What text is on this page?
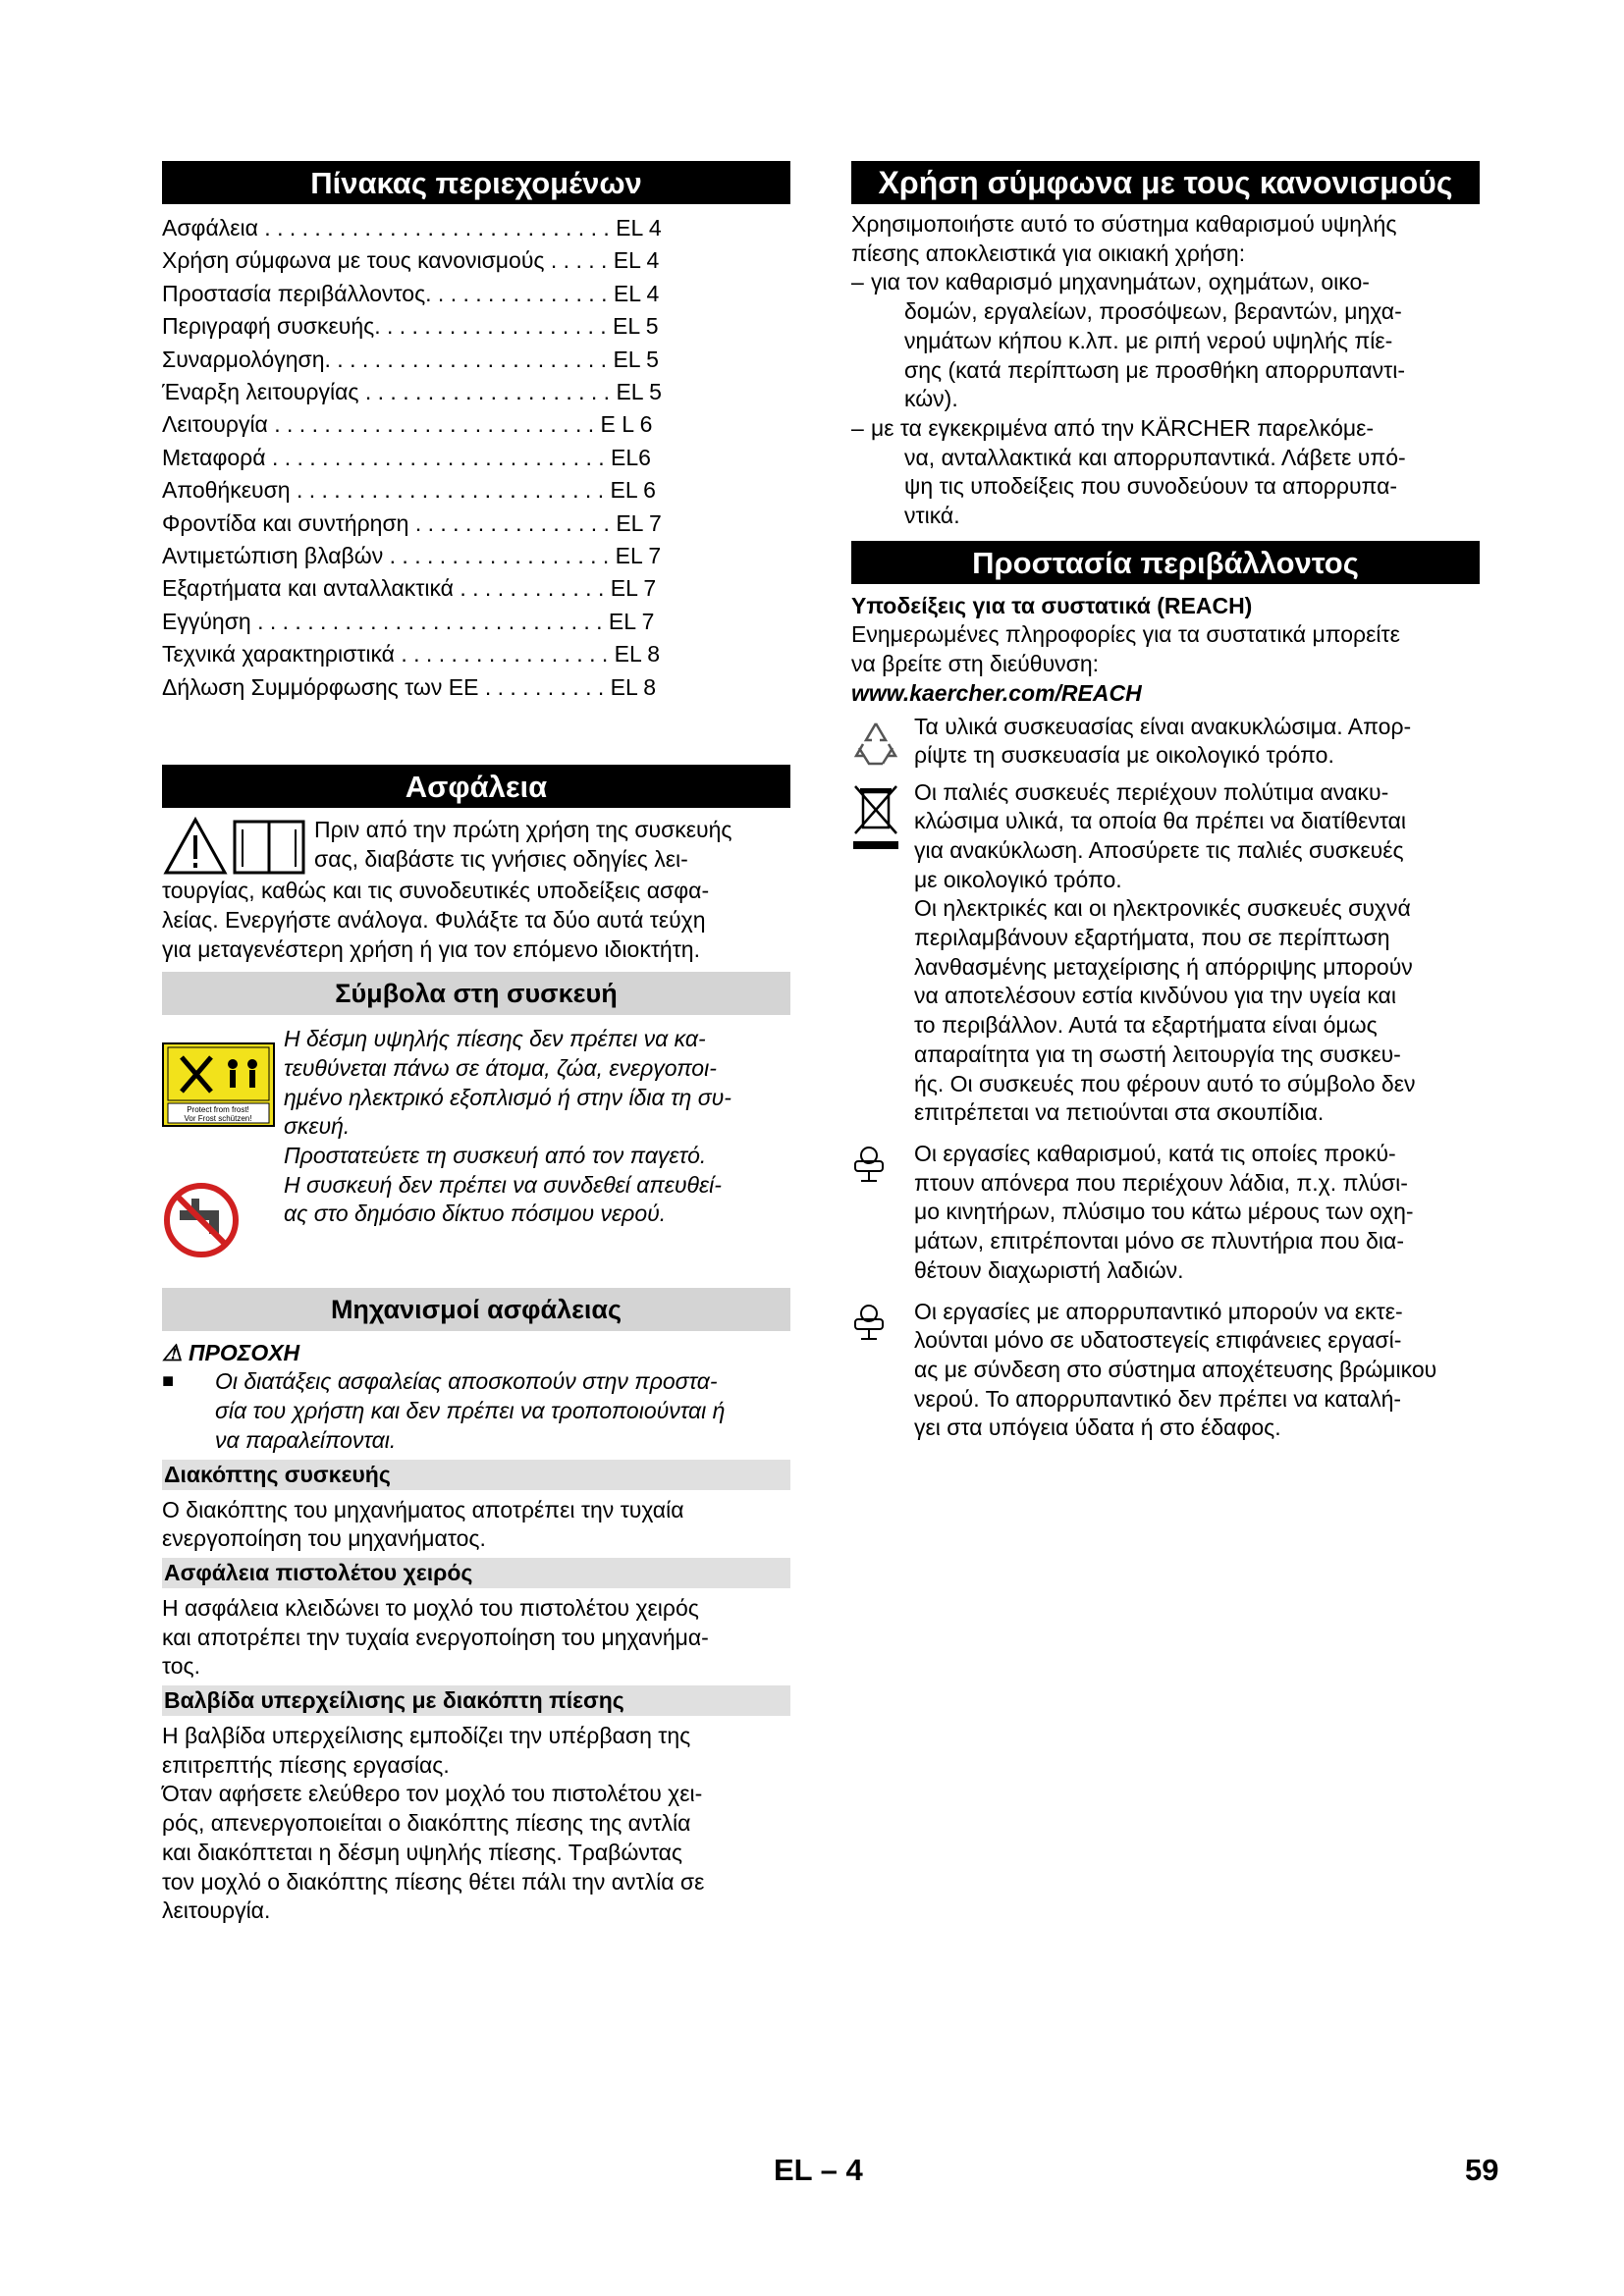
Πίνακας περιεχομένων
Ασφάλεια . . . . . . . . . . . . . . . . . . . . . . . . . . . . EL 4
Χρήση σύμφωνα με τους κανονισμούς . . . . . EL 4
Προστασία περιβάλλοντος. . . . . . . . . . . . . . . EL 4
Περιγραφή συσκευής. . . . . . . . . . . . . . . . . . . EL 5
Συναρμολόγηση. . . . . . . . . . . . . . . . . . . . . . . EL 5
Έναρξη λειτουργίας . . . . . . . . . . . . . . . . . . . . EL 5
Λειτουργία . . . . . . . . . . . . . . . . . . . . . . . . . . E L 6
Μεταφορά . . . . . . . . . . . . . . . . . . . . . . . . . . . EL6
Αποθήκευση . . . . . . . . . . . . . . . . . . . . . . . . . EL 6
Φροντίδα και συντήρηση . . . . . . . . . . . . . . . . EL 7
Αντιμετώπιση βλαβών . . . . . . . . . . . . . . . . . . EL 7
Εξαρτήματα και ανταλλακτικά . . . . . . . . . . . . EL 7
Εγγύηση . . . . . . . . . . . . . . . . . . . . . . . . . . . . EL 7
Τεχνικά χαρακτηριστικά . . . . . . . . . . . . . . . . . EL 8
Δήλωση Συμμόρφωσης των ΕΕ . . . . . . . . . . EL 8
Ασφάλεια
Πριν από την πρώτη χρήση της συσκευής
σας, διαβάστε τις γνήσιες οδηγίες λει-
τουργίας, καθώς και τις συνοδευτικές υποδείξεις ασφα-
λείας. Ενεργήστε ανάλογα. Φυλάξτε τα δύο αυτά τεύχη
για μεταγενέστερη χρήση ή για τον επόμενο ιδιοκτήτη.
Σύμβολα στη συσκευή
Protect from frost!
Vor Frost schützen!
Η δέσμη υψηλής πίεσης δεν πρέπει να κα-
τευθύνεται πάνω σε άτομα, ζώα, ενεργοποι-
ημένο ηλεκτρικό εξοπλισμό ή στην ίδια τη συ-
σκευή.
Προστατεύετε τη συσκευή από τον παγετό.
Η συσκευή δεν πρέπει να συνδεθεί απευθεί-
ας στο δημόσιο δίκτυο πόσιμου νερού.
Μηχανισμοί ασφάλειας
⚠ ΠΡΟΣΟΧΗ
■	Οι διατάξεις ασφαλείας αποσκοπούν στην προστα-
σία του χρήστη και δεν πρέπει να τροποποιούνται ή
να παραλείπονται.
Διακόπτης συσκευής
Ο διακόπτης του μηχανήματος αποτρέπει την τυχαία
ενεργοποίηση του μηχανήματος.
Ασφάλεια πιστολέτου χειρός
Η ασφάλεια κλειδώνει το μοχλό του πιστολέτου χειρός
και αποτρέπει την τυχαία ενεργοποίηση του μηχανήμα-
τος.
Βαλβίδα υπερχείλισης με διακόπτη πίεσης
Η βαλβίδα υπερχείλισης εμποδίζει την υπέρβαση της
επιτρεπτής πίεσης εργασίας.
Όταν αφήσετε ελεύθερο τον μοχλό του πιστολέτου χει-
ρός, απενεργοποιείται ο διακόπτης πίεσης της αντλία
και διακόπτεται η δέσμη υψηλής πίεσης. Τραβώντας
τον μοχλό ο διακόπτης πίεσης θέτει πάλι την αντλία σε
λειτουργία.
Χρήση σύμφωνα με τους κανονισμούς
Χρησιμοποιήστε αυτό το σύστημα καθαρισμού υψηλής
πίεσης αποκλειστικά για οικιακή χρήση:
– για τον καθαρισμό μηχανημάτων, οχημάτων, οικο-
δομών, εργαλείων, προσόψεων, βεραντών, μηχα-
νημάτων κήπου κ.λπ. με ριπή νερού υψηλής πίε-
σης (κατά περίπτωση με προσθήκη απορρυπαντι-
κών).
– με τα εγκεκριμένα από την KÄRCHER παρελκόμε-
να, ανταλλακτικά και απορρυπαντικά. Λάβετε υπό-
ψη τις υποδείξεις που συνοδεύουν τα απορρυπα-
ντικά.
Προστασία περιβάλλοντος
Υποδείξεις για τα συστατικά (REACH)
Ενημερωμένες πληροφορίες για τα συστατικά μπορείτε
να βρείτε στη διεύθυνση:
www.kaercher.com/REACH
Τα υλικά συσκευασίας είναι ανακυκλώσιμα. Απορ-
ρίψτε τη συσκευασία με οικολογικό τρόπο.
Οι παλιές συσκευές περιέχουν πολύτιμα ανακυ-
κλώσιμα υλικά, τα οποία θα πρέπει να διατίθενται
για ανακύκλωση. Αποσύρετε τις παλιές συσκευές
με οικολογικό τρόπο.
Οι ηλεκτρικές και οι ηλεκτρονικές συσκευές συχνά
περιλαμβάνουν εξαρτήματα, που σε περίπτωση
λανθασμένης μεταχείρισης ή απόρριψης μπορούν
να αποτελέσουν εστία κινδύνου για την υγεία και
το περιβάλλον. Αυτά τα εξαρτήματα είναι όμως
απαραίτητα για τη σωστή λειτουργία της συσκευ-
ής. Οι συσκευές που φέρουν αυτό το σύμβολο δεν
επιτρέπεται να πετιούνται στα σκουπίδια.
Οι εργασίες καθαρισμού, κατά τις οποίες προκύ-
πτουν απόνερα που περιέχουν λάδια, π.χ. πλύσι-
μο κινητήρων, πλύσιμο του κάτω μέρους των οχη-
μάτων, επιτρέπονται μόνο σε πλυντήρια που δια-
θέτουν διαχωριστή λαδιών.
Οι εργασίες με απορρυπαντικό μπορούν να εκτε-
λούνται μόνο σε υδατοστεγείς επιφάνειες εργασί-
ας με σύνδεση στο σύστημα αποχέτευσης βρώμικου
νερού. Το απορρυπαντικό δεν πρέπει να καταλή-
γει στα υπόγεια ύδατα ή στο έδαφος.
EL – 4	59
